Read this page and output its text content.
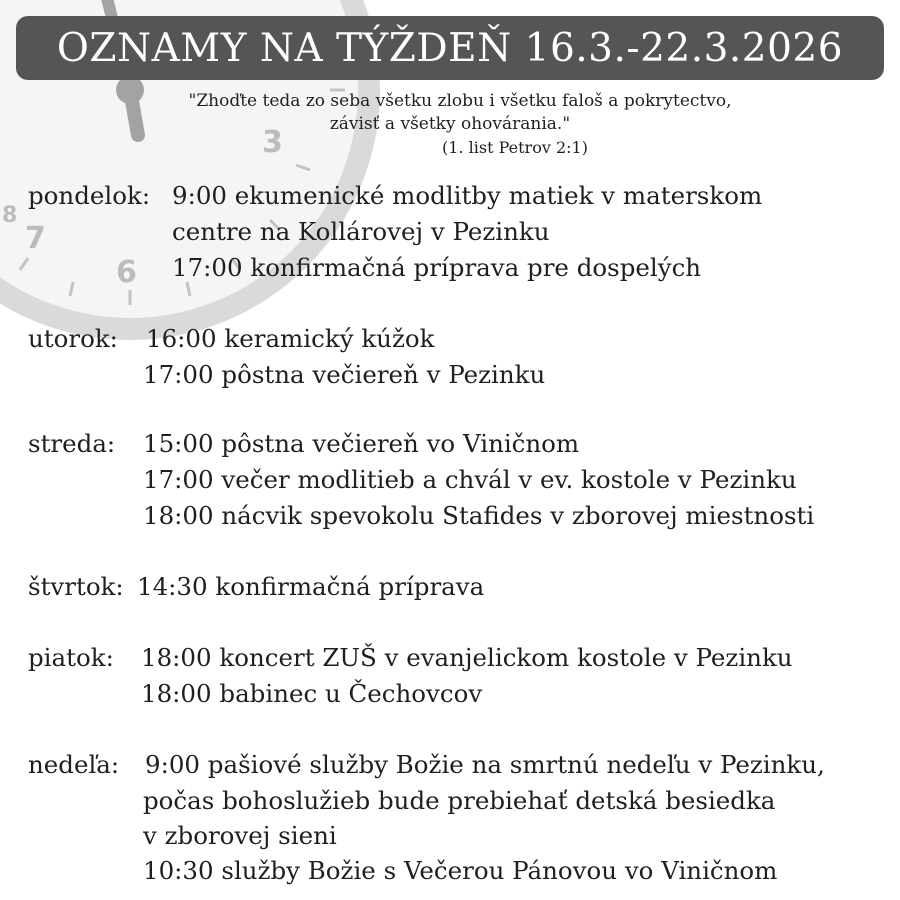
3
6
7
8
OZNAMY NA TÝŽDEŇ 16.3.-22.3.2026
"Zhoďte teda zo seba všetku zlobu i všetku faloš a pokrytectvo,
závisť a všetky ohovárania."
(1. list Petrov 2:1)
pondelok: 9:00 ekumenické modlitby matiek v materskom
centre na Kollárovej v Pezinku
17:00 konfirmačná príprava pre dospelých
utorok: 16:00 keramický kúžok
17:00 pôstna večiereň v Pezinku
streda: 15:00 pôstna večiereň vo Viničnom
17:00 večer modlitieb a chvál v ev. kostole v Pezinku
18:00 nácvik spevokolu Stafides v zborovej miestnosti
štvrtok: 14:30 konfirmačná príprava
piatok: 18:00 koncert ZUŠ v evanjelickom kostole v Pezinku
18:00 babinec u Čechovcov
nedeľa: 9:00 pašiové služby Božie na smrtnú nedeľu v Pezinku,
počas bohoslužieb bude prebiehať detská besiedka
v zborovej sieni
10:30 služby Božie s Večerou Pánovou vo Viničnom
